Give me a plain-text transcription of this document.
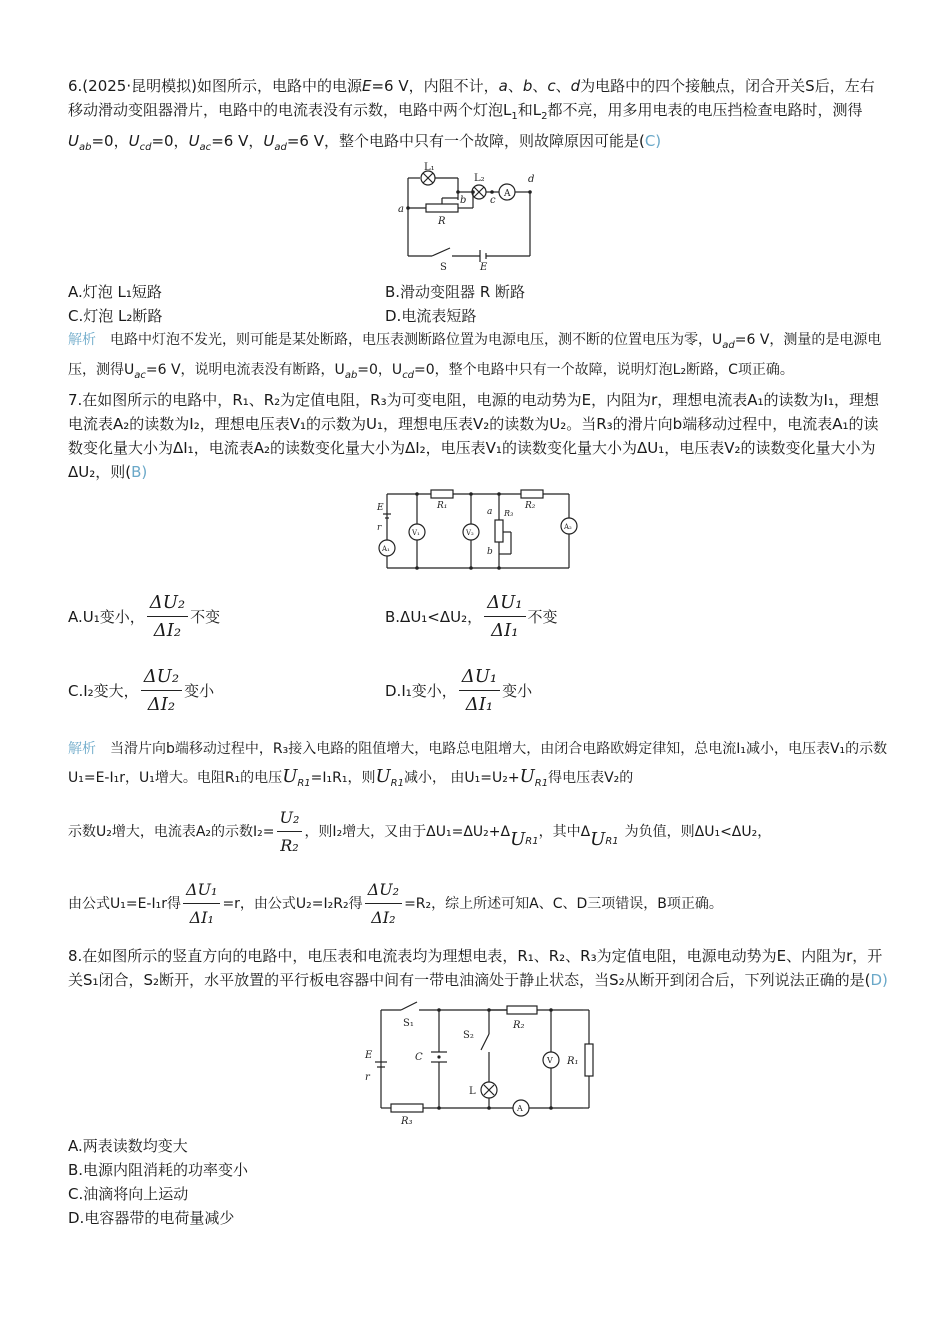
6.(2025·昆明模拟)如图所示，电路中的电源E=6 V，内阻不计，a、b、c、d为电路中的四个接触点，闭合开关S后，左右移动滑动变阻器滑片，电路中的电流表没有示数，电路中两个灯泡$L_1$和$L_2$都不亮，用多用电表的电压挡检查电路时，测得$U_{ab}=0$，$U_{cd}=0$，$U_{ac}=6$ V，$U_{ad}=6$ V，整个电路中只有一个故障，则故障原因可能是(C)

L₁
L₂
A
b c
d
a
R
S	E
A.灯泡 L₁短路	B.滑动变阻器 R 断路
C.灯泡 L₂断路	D.电流表短路

解析 电路中灯泡不发光，则可能是某处断路，电压表测断路位置为电源电压，测不断的位置电压为零，$U_{ad}=6$ V，测量的是电源电压，测得$U_{ac}=6$ V，说明电流表没有断路，$U_{ab}=0$，$U_{cd}=0$，整个电路中只有一个故障，说明灯泡L₂断路，C项正确。

7.在如图所示的电路中，R₁、R₂为定值电阻，R₃为可变电阻，电源的电动势为E，内阻为r，理想电流表A₁的读数为I₁，理想电流表A₂的读数为I₂，理想电压表V₁的示数为U₁，理想电压表V₂的读数为U₂。当R₃的滑片向b端移动过程中，电流表A₁的读数变化量大小为ΔI₁，电流表A₂的读数变化量大小为ΔI₂，电压表V₁的读数变化量大小为ΔU₁，电压表V₂的读数变化量大小为ΔU₂，则(B)

E
r
A₁
R₁
V₁	V₂
a R₃
b
R₂
A₂
A.U₁变小， $\frac{\text{ΔU₂}}{\text{ΔI₂}}$ 不变	B.ΔU₁<ΔU₂， $\frac{\text{ΔU₁}}{\text{ΔI₁}}$ 不变
C.I₂变大， $\frac{\text{ΔU₂}}{\text{ΔI₂}}$ 变小	D.I₁变小， $\frac{\text{ΔU₁}}{\text{ΔI₁}}$ 变小

解析 当滑片向b端移动过程中，R₃接入电路的阻值增大，电路总电阻增大，由闭合电路欧姆定律知，总电流I₁减小，电压表V₁的示数U₁=E-I₁r，U₁增大。电阻R₁的电压$U_{R1}=I_1R_1$，则$U_{R1}$减小， 由$U_1=U_2+U_{R1}$得电压表V₂的

示数U₂增大，电流表A₂的示数$I_2= \frac{\text{U₂}}{\text{R₂}}$ ，则I₂增大，又由于ΔU₁=ΔU₂+Δ $U_{R1}$
，其中Δ $U_{R1}$
为负值，则ΔU₁<ΔU₂，
由公式U₁=E-I₁r得 $\frac{\text{ΔU₁}}{\text{ΔI₁}} =r$，由公式U₂=I₂R₂得 $\frac{\text{ΔU₂}}{\text{ΔI₂}} =R_2$，综上所述可知A、C、D三项错误，B项正确。

8.在如图所示的竖直方向的电路中，电压表和电流表均为理想电表，R₁、R₂、R₃为定值电阻，电源电动势为E、内阻为r，开关S₁闭合，S₂断开，水平放置的平行板电容器中间有一带电油滴处于静止状态，当S₂从断开到闭合后，下列说法正确的是(D)

S₁
E
r
C
S₂
R₂
L
V R₁
A
R₃

A.两表读数均变大

B.电源内阻消耗的功率变小

C.油滴将向上运动

D.电容器带的电荷量减少
